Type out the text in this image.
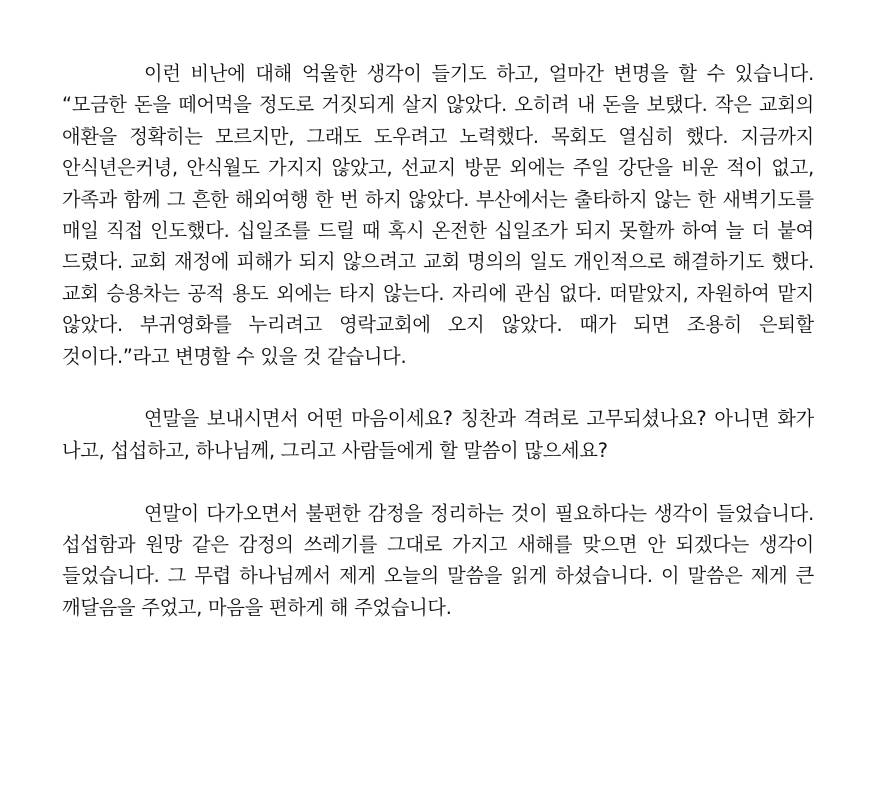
이런 비난에 대해 억울한 생각이 들기도 하고, 얼마간 변명을 할 수 있습니다. “모금한 돈을 떼어먹을 정도로 거짓되게 살지 않았다. 오히려 내 돈을 보탰다. 작은 교회의 애환을 정확히는 모르지만, 그래도 도우려고 노력했다. 목회도 열심히 했다. 지금까지 안식년은커녕, 안식월도 가지지 않았고, 선교지 방문 외에는 주일 강단을 비운 적이 없고, 가족과 함께 그 흔한 해외여행 한 번 하지 않았다. 부산에서는 출타하지 않는 한 새벽기도를 매일 직접 인도했다. 십일조를 드릴 때 혹시 온전한 십일조가 되지 못할까 하여 늘 더 붙여 드렸다. 교회 재정에 피해가 되지 않으려고 교회 명의의 일도 개인적으로 해결하기도 했다. 교회 승용차는 공적 용도 외에는 타지 않는다. 자리에 관심 없다. 떠맡았지, 자원하여 맡지 않았다. 부귀영화를 누리려고 영락교회에 오지 않았다. 때가 되면 조용히 은퇴할 것이다.”라고 변명할 수 있을 것 같습니다.

연말을 보내시면서 어떤 마음이세요? 칭찬과 격려로 고무되셨나요? 아니면 화가 나고, 섭섭하고, 하나님께, 그리고 사람들에게 할 말씀이 많으세요?

연말이 다가오면서 불편한 감정을 정리하는 것이 필요하다는 생각이 들었습니다. 섭섭함과 원망 같은 감정의 쓰레기를 그대로 가지고 새해를 맞으면 안 되겠다는 생각이 들었습니다. 그 무렵 하나님께서 제게 오늘의 말씀을 읽게 하셨습니다. 이 말씀은 제게 큰 깨달음을 주었고, 마음을 편하게 해 주었습니다.
